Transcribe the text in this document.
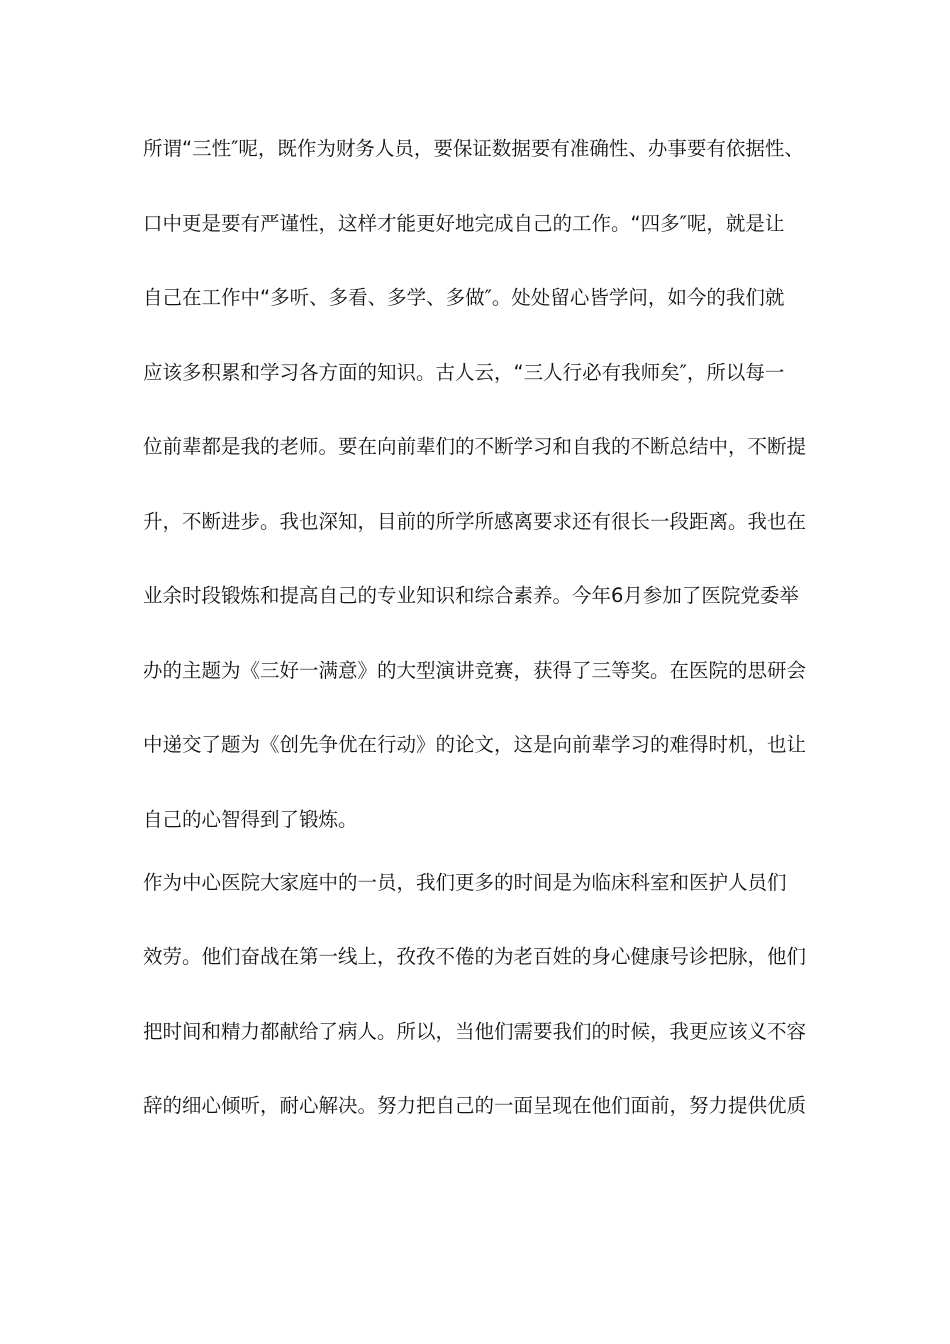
所谓“三性″呢，既作为财务人员，要保证数据要有准确性、办事要有依据性、
口中更是要有严谨性，这样才能更好地完成自己的工作。“四多″呢，就是让
自己在工作中“多听、多看、多学、多做″。处处留心皆学问，如今的我们就
应该多积累和学习各方面的知识。古人云，“三人行必有我师矣″，所以每一
位前辈都是我的老师。要在向前辈们的不断学习和自我的不断总结中，不断提
升，不断进步。我也深知，目前的所学所感离要求还有很长一段距离。我也在
业余时段锻炼和提高自己的专业知识和综合素养。今年6月参加了医院党委举
办的主题为《三好一满意》的大型演讲竞赛，获得了三等奖。在医院的思研会
中递交了题为《创先争优在行动》的论文，这是向前辈学习的难得时机，也让
自己的心智得到了锻炼。
作为中心医院大家庭中的一员，我们更多的时间是为临床科室和医护人员们
效劳。他们奋战在第一线上，孜孜不倦的为老百姓的身心健康号诊把脉，他们
把时间和精力都献给了病人。所以，当他们需要我们的时候，我更应该义不容
辞的细心倾听，耐心解决。努力把自己的一面呈现在他们面前，努力提供优质
